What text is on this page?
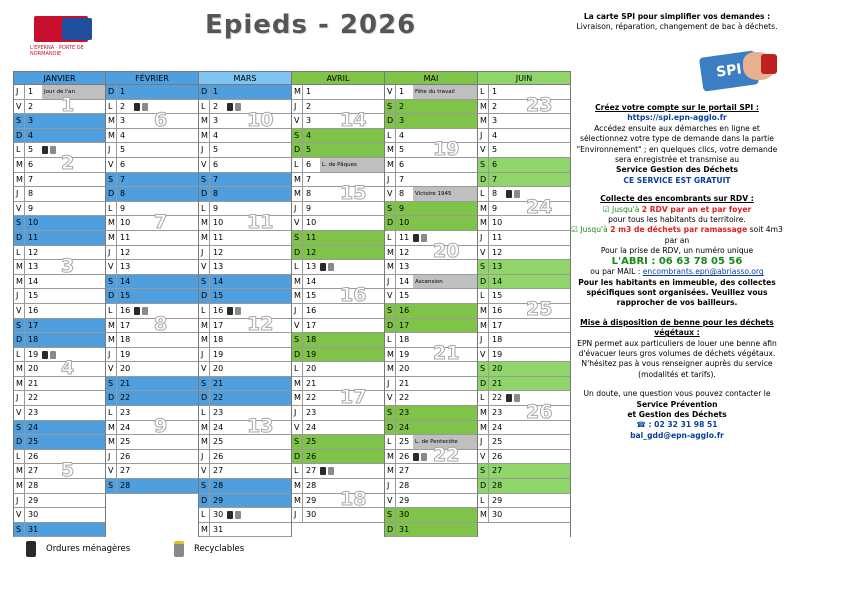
L'EPERNA · PORTE DE NORMANDIE
Epieds - 2026
JANVIER
J	1	Jour de l'an
V 2
S 3
D 4
L 5
M 6
M 7
J	8
V 9
S 10
D 11
L 12
M 13
M 14
J	15
V 16
S 17
D 18
L 19
M 20
M 21
J	22
V 23
S 24
D 25
L 26
M 27
M 28
J	29
V 30
S 31
FÉVRIER
D 1
L 2
M 3
M 4
J	5
V 6
S 7
D 8
L 9
M 10
M 11
J	12
V 13
S 14
D 15
L 16
M 17
M 18
J	19
V 20
S 21
D 22
L 23
M 24
M 25
J	26
V 27
S 28
MARS
D 1
L 2
M 3
M 4
J	5
V 6
S 7
D 8
L 9
M 10
M 11
J	12
V 13
S 14
D 15
L 16
M 17
M 18
J	19
V 20
S 21
D 22
L 23
M 24
M 25
J	26
V 27
S 28
D 29
L 30
M 31
AVRIL
M 1
J	2
V 3
S 4
D 5
L 6	L. de Pâques
M 7
M 8
J	9
V 10
S 11
D 12
L 13
M 14
M 15
J	16
V 17
S 18
D 19
L 20
M 21
M 22
J	23
V 24
S 25
D 26
L 27
M 28
M 29
J	30
MAI
V 1	Fête du travail
S 2
D 3
L 4
M 5
M 6
J	7
V 8	Victoire 1945
S 9
D 10
L 11
M 12
M 13
J	14	Ascension
V 15
S 16
D 17
L 18
M 19
M 20
J	21
V 22
S 23
D 24
L 25	L. de Pentecôte
M 26
M 27
J	28
V 29
S 30
D 31
JUIN
L 1
M 2
M 3
J	4
V 5
S 6
D 7
L 8
M 9
M 10
J	11
V 12
S 13
D 14
L 15
M 16
M 17
J	18
V 19
S 20
D 21
L 22
M 23
M 24
J	25
V 26
S 27
D 28
L 29
M 30
SPI
La carte SPI pour simplifier vos demandes :
Livraison, réparation, changement de bac à déchets.
Créez votre compte sur le portail SPI :
https://spi.epn-agglo.fr
Accédez ensuite aux démarches en ligne et sélectionnez votre type de demande dans la partie "Environnement" ; en quelques clics, votre demande sera enregistrée et transmise au
Service Gestion des Déchets
CE SERVICE EST GRATUIT
Collecte des encombrants sur RDV :
☑ Jusqu'à 2 RDV par an et par foyer
pour tous les habitants du territoire.
☑ Jusqu'à 2 m3 de déchets par ramassage soit 4m3 par an
Pour la prise de RDV, un numéro unique
L'ABRI : 06 63 78 05 56
ou par MAIL : encombrants.epn@abriasso.org
Pour les habitants en immeuble, des collectes spécifiques sont organisées. Veuillez vous rapprocher de vos bailleurs.
Mise à disposition de benne pour les déchets végétaux :
EPN permet aux particuliers de louer une benne afin d'évacuer leurs gros volumes de déchets végétaux. N'hésitez pas à vous renseigner auprès du service (modalités et tarifs).
Un doute, une question vous pouvez contacter le
Service Prévention
et Gestion des Déchets
☎ : 02 32 31 98 51
bal_gdd@epn-agglo.fr
Ordures ménagères	Recyclables
1
2
3
4
5
6
7
8
9
10
11
12
13
14
15
16
17
18
19
20
21
22
23
24
25
26
